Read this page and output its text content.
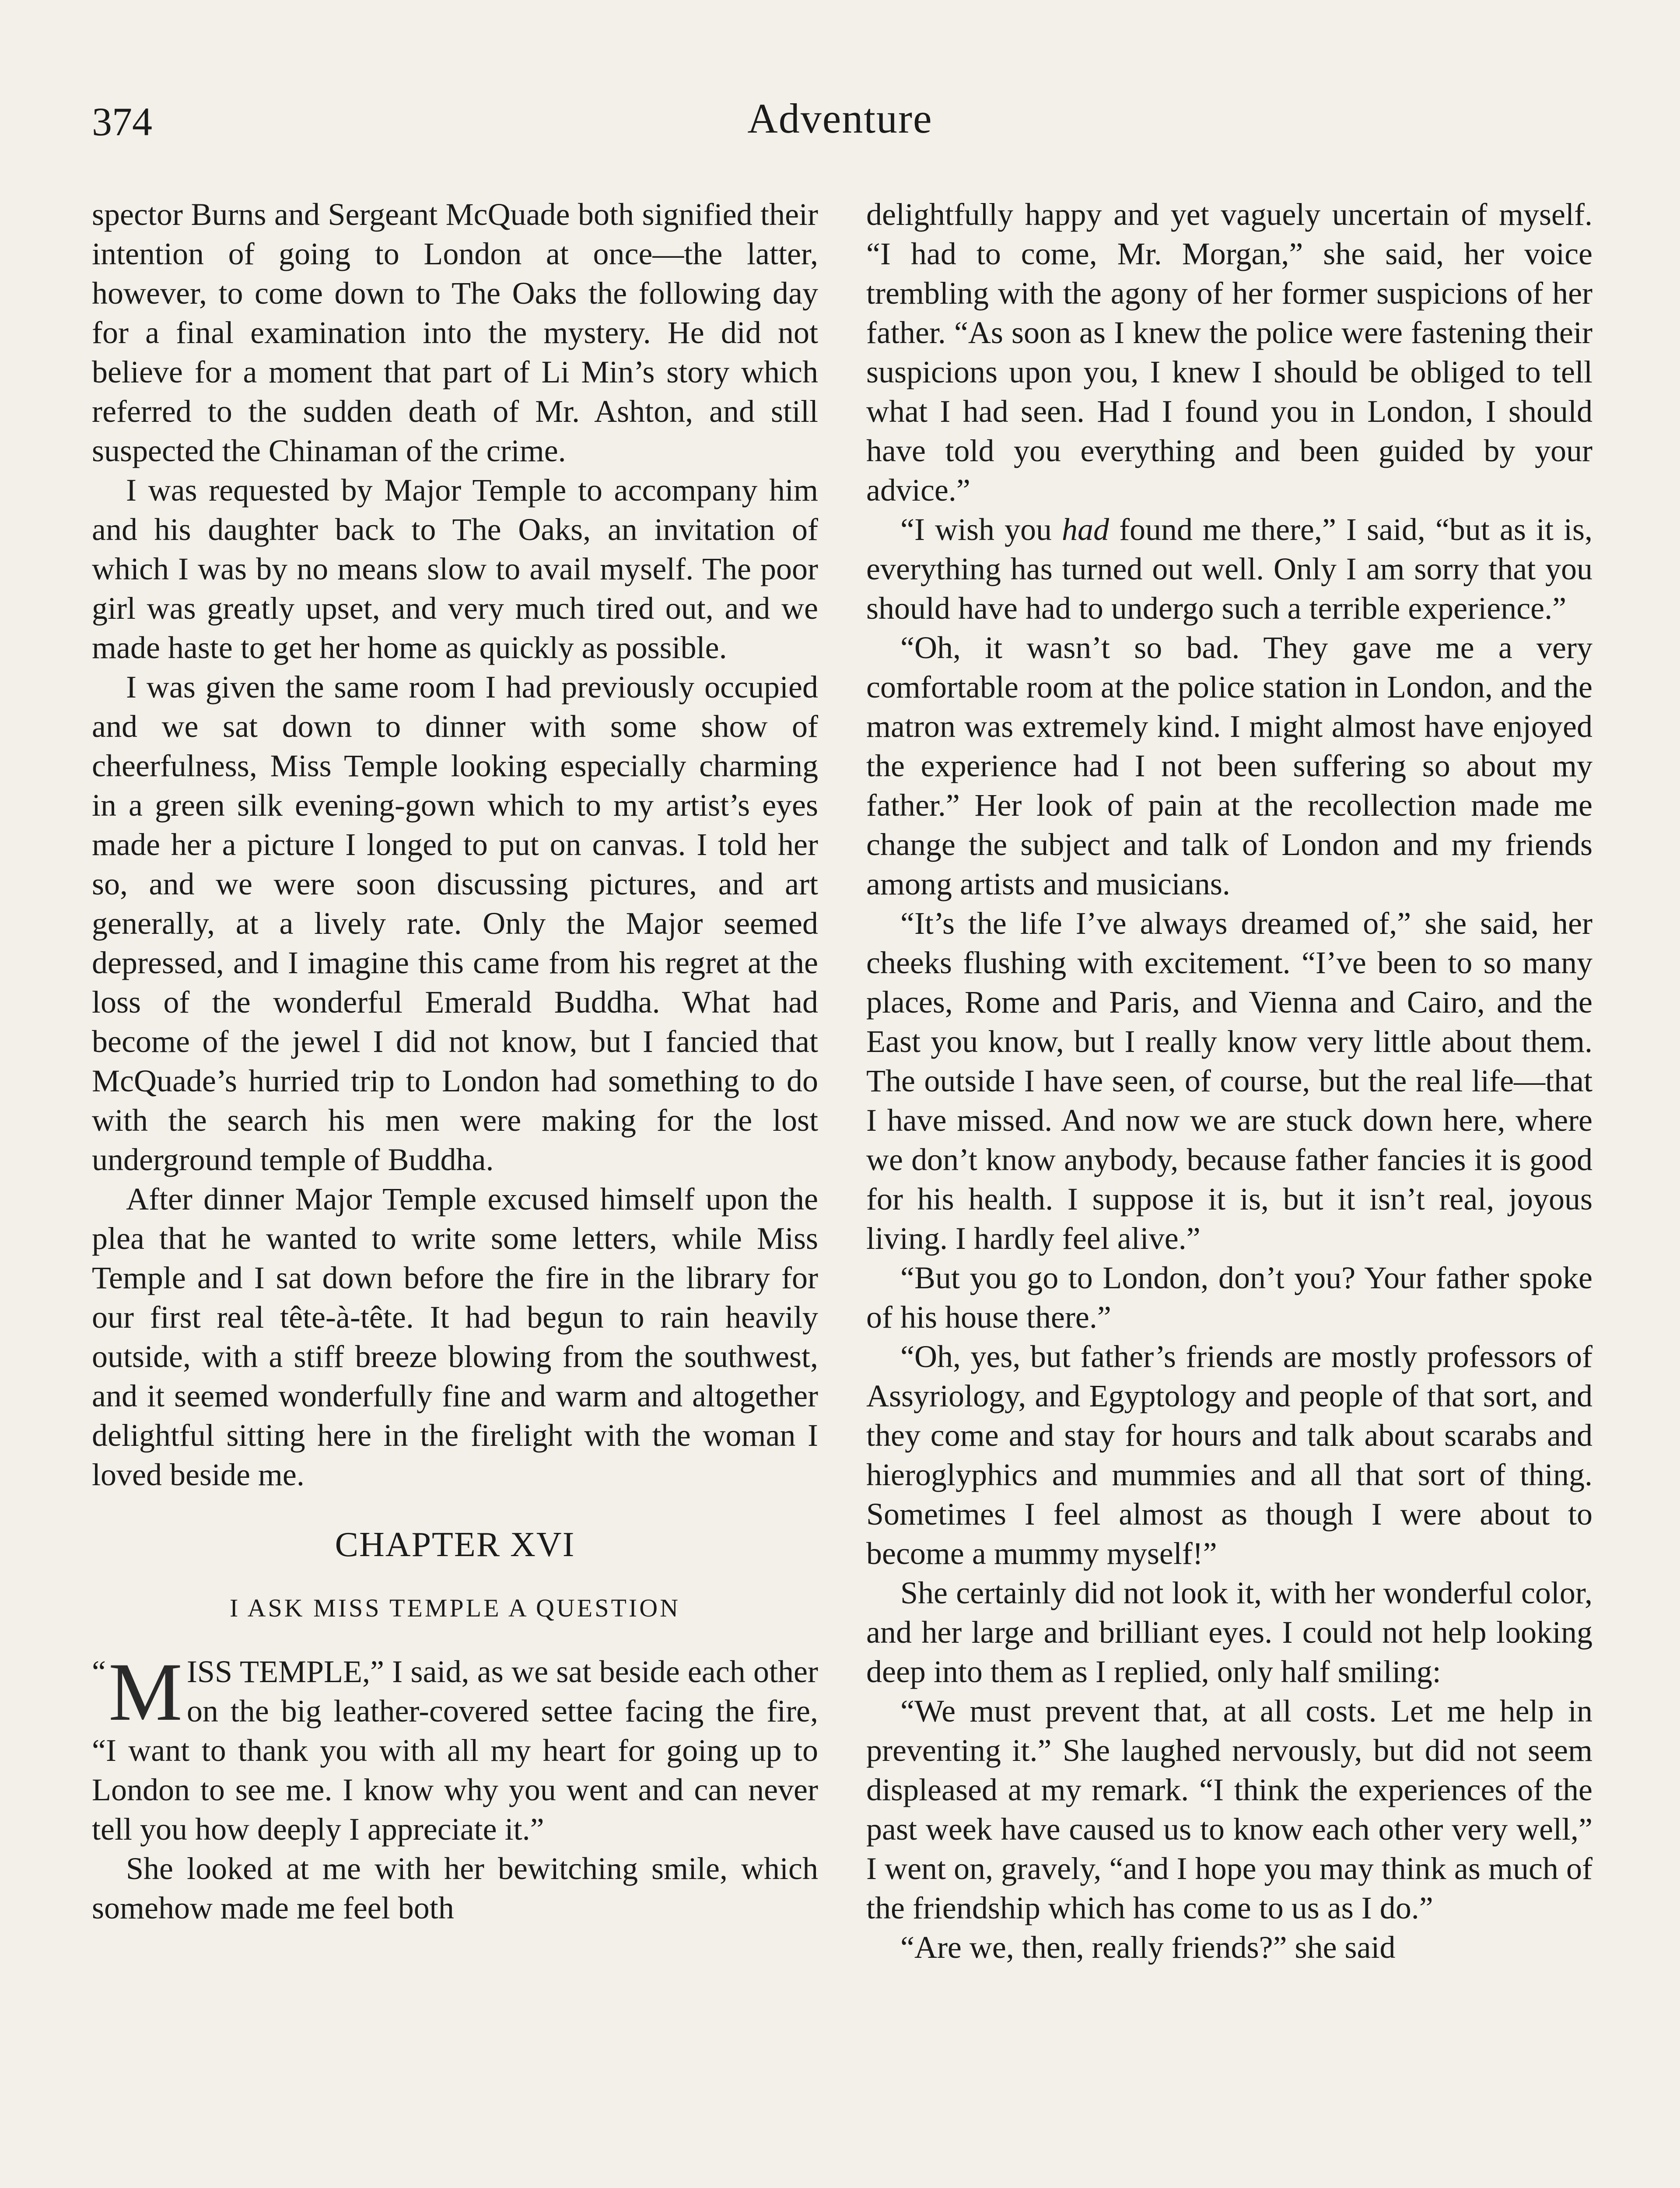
374	Adventure

spector Burns and Sergeant McQuade both signified their intention of going to London at once—the latter, however, to come down to The Oaks the following day for a final examination into the mystery. He did not believe for a moment that part of Li Min’s story which referred to the sudden death of Mr. Ashton, and still suspected the Chinaman of the crime.

I was requested by Major Temple to accompany him and his daughter back to The Oaks, an invitation of which I was by no means slow to avail myself. The poor girl was greatly upset, and very much tired out, and we made haste to get her home as quickly as possible.

I was given the same room I had previously occupied and we sat down to dinner with some show of cheerfulness, Miss Temple looking especially charming in a green silk evening-gown which to my artist’s eyes made her a picture I longed to put on canvas. I told her so, and we were soon discussing pictures, and art generally, at a lively rate. Only the Major seemed depressed, and I imagine this came from his regret at the loss of the wonderful Emerald Buddha. What had become of the jewel I did not know, but I fancied that McQuade’s hurried trip to London had something to do with the search his men were making for the lost underground temple of Buddha.

After dinner Major Temple excused himself upon the plea that he wanted to write some letters, while Miss Temple and I sat down before the fire in the library for our first real tête-à-tête. It had begun to rain heavily outside, with a stiff breeze blowing from the southwest, and it seemed wonderfully fine and warm and altogether delightful sitting here in the firelight with the woman I loved beside me.

CHAPTER XVI
I ASK MISS TEMPLE A QUESTION

“ M ISS TEMPLE,” I said, as we sat beside each other on the big leather-covered settee facing the fire, “I want to thank you with all my heart for going up to London to see me. I know why you went and can never tell you how deeply I appreciate it.”

She looked at me with her bewitching smile, which somehow made me feel both

delightfully happy and yet vaguely uncertain of myself. “I had to come, Mr. Morgan,” she said, her voice trembling with the agony of her former suspicions of her father. “As soon as I knew the police were fastening their suspicions upon you, I knew I should be obliged to tell what I had seen. Had I found you in London, I should have told you everything and been guided by your advice.”

“I wish you had found me there,” I said, “but as it is, everything has turned out well. Only I am sorry that you should have had to undergo such a terrible experience.”

“Oh, it wasn’t so bad. They gave me a very comfortable room at the police station in London, and the matron was extremely kind. I might almost have enjoyed the experience had I not been suffering so about my father.” Her look of pain at the recollection made me change the subject and talk of London and my friends among artists and musicians.

“It’s the life I’ve always dreamed of,” she said, her cheeks flushing with excitement. “I’ve been to so many places, Rome and Paris, and Vienna and Cairo, and the East you know, but I really know very little about them. The outside I have seen, of course, but the real life—that I have missed. And now we are stuck down here, where we don’t know anybody, because father fancies it is good for his health. I suppose it is, but it isn’t real, joyous living. I hardly feel alive.”

“But you go to London, don’t you? Your father spoke of his house there.”

“Oh, yes, but father’s friends are mostly professors of Assyriology, and Egyptology and people of that sort, and they come and stay for hours and talk about scarabs and hieroglyphics and mummies and all that sort of thing. Sometimes I feel almost as though I were about to become a mummy myself!”

She certainly did not look it, with her wonderful color, and her large and brilliant eyes. I could not help looking deep into them as I replied, only half smiling:

“We must prevent that, at all costs. Let me help in preventing it.” She laughed nervously, but did not seem displeased at my remark. “I think the experiences of the past week have caused us to know each other very well,” I went on, gravely, “and I hope you may think as much of the friendship which has come to us as I do.”

“Are we, then, really friends?” she said
